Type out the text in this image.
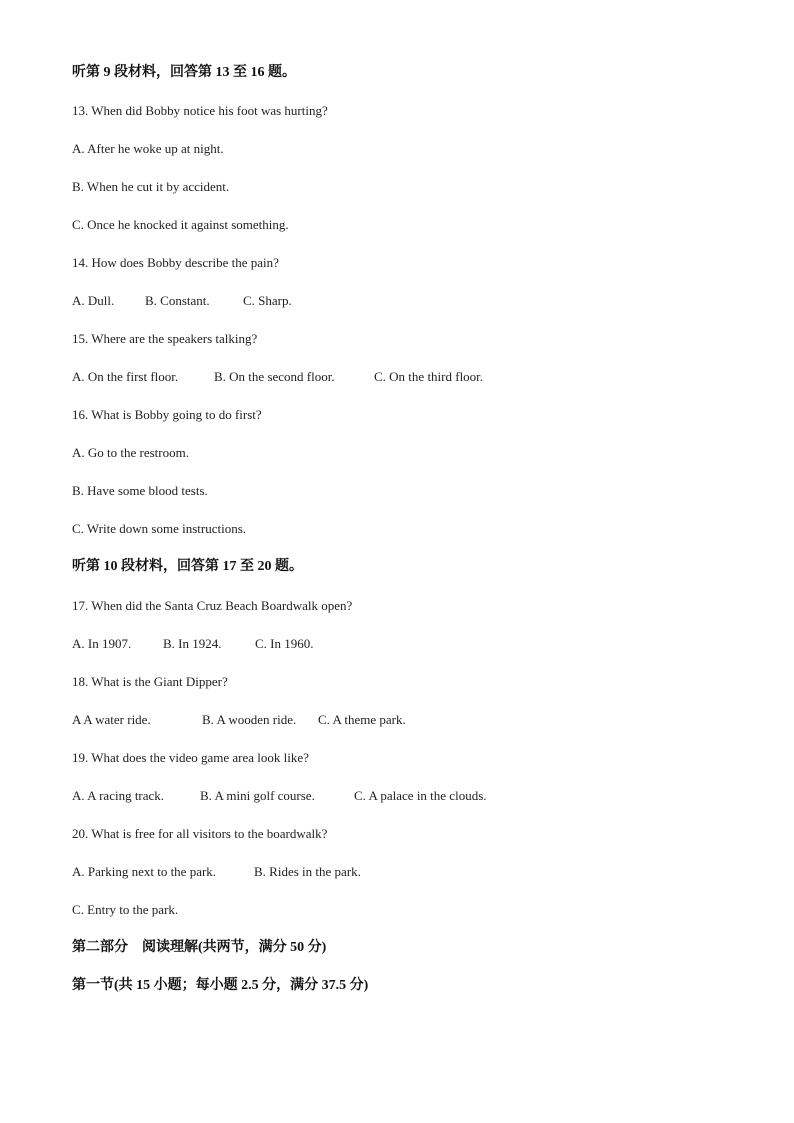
听第 9 段材料，回答第 13 至 16 题。
13. When did Bobby notice his foot was hurting?
A. After he woke up at night.
B. When he cut it by accident.
C. Once he knocked it against something.
14. How does Bobby describe the pain?
A. Dull. B. Constant.	C. Sharp.
15. Where are the speakers talking?
A. On the first floor.	B. On the second floor.	C. On the third floor.
16. What is Bobby going to do first?
A. Go to the restroom.
B. Have some blood tests.
C. Write down some instructions.
听第 10 段材料，回答第 17 至 20 题。
17. When did the Santa Cruz Beach Boardwalk open?
A. In 1907. B. In 1924.	C. In 1960.
18. What is the Giant Dipper?
A A water ride.	B. A wooden ride. C. A theme park.
19. What does the video game area look like?
A. A racing track.	B. A mini golf course.	C. A palace in the clouds.
20. What is free for all visitors to the boardwalk?
A. Parking next to the park.	B. Rides in the park.
C. Entry to the park.
第二部分　阅读理解(共两节，满分 50 分)
第一节(共 15 小题；每小题 2.5 分，满分 37.5 分)
